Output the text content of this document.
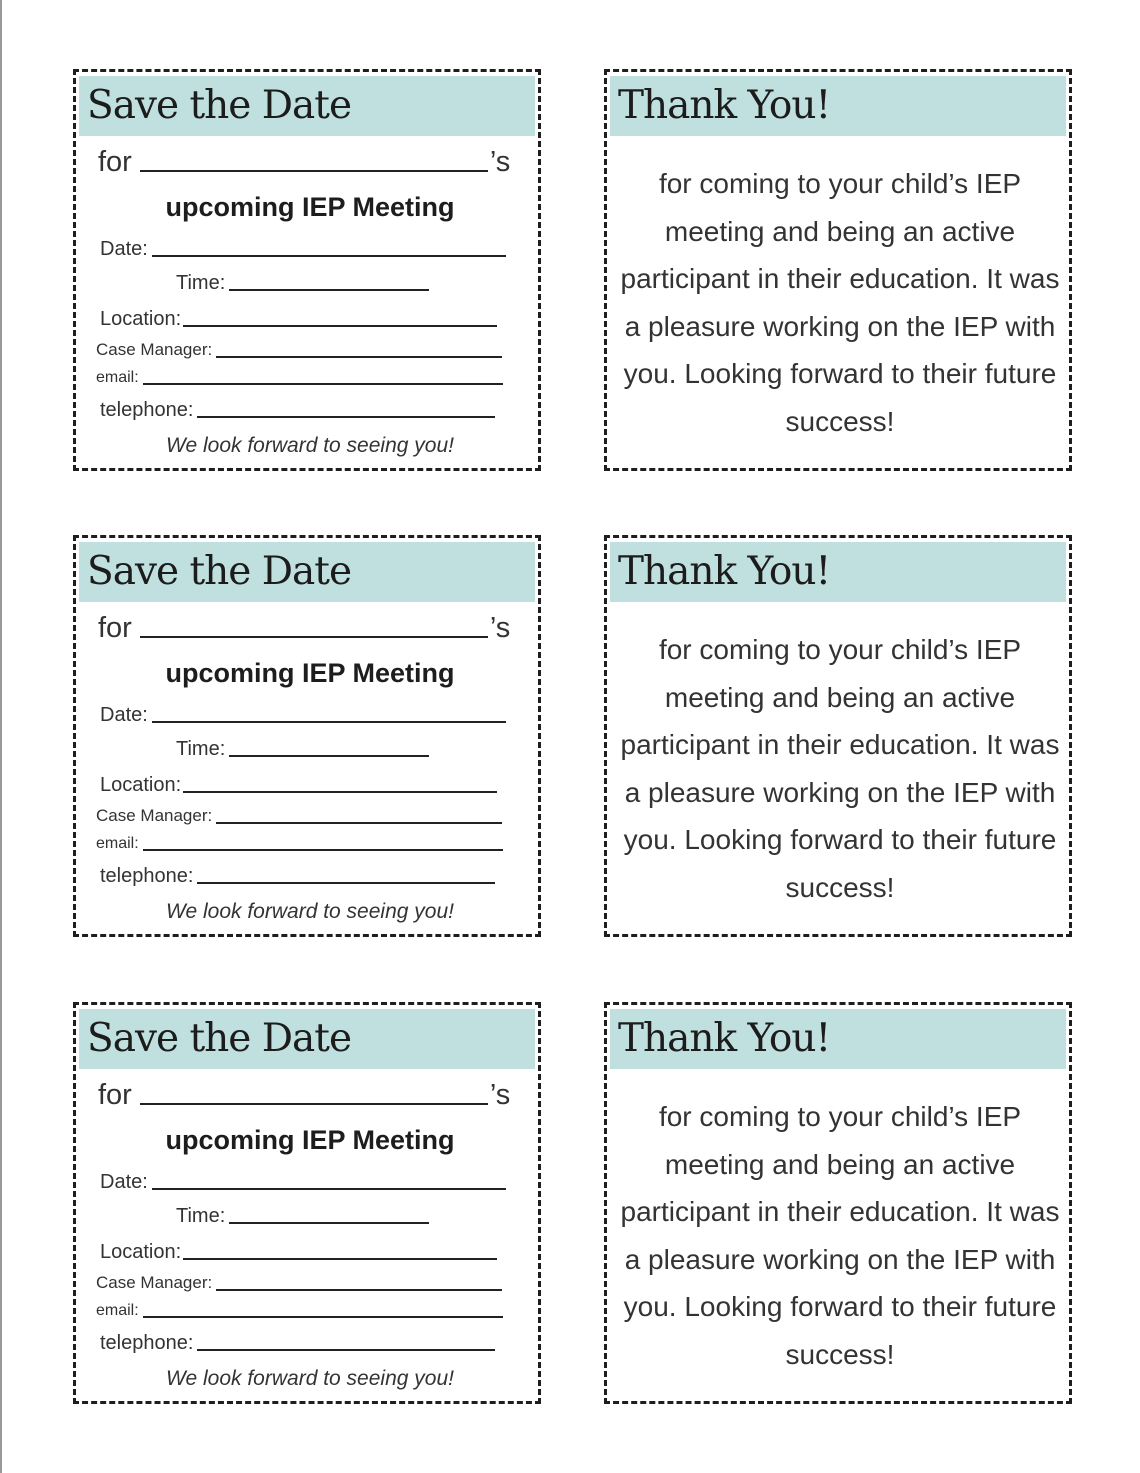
Save the Date
for	’s
upcoming IEP Meeting
Date:
Time:
Location:
Case Manager:
email:
telephone:
We look forward to seeing you!
Thank You!
for coming to your child’s IEP meeting and being an active participant in their education. It was a pleasure working on the IEP with you. Looking forward to their future success!
Save the Date
for	’s
upcoming IEP Meeting
Date:
Time:
Location:
Case Manager:
email:
telephone:
We look forward to seeing you!
Thank You!
for coming to your child’s IEP meeting and being an active participant in their education. It was a pleasure working on the IEP with you. Looking forward to their future success!
Save the Date
for	’s
upcoming IEP Meeting
Date:
Time:
Location:
Case Manager:
email:
telephone:
We look forward to seeing you!
Thank You!
for coming to your child’s IEP meeting and being an active participant in their education. It was a pleasure working on the IEP with you. Looking forward to their future success!
